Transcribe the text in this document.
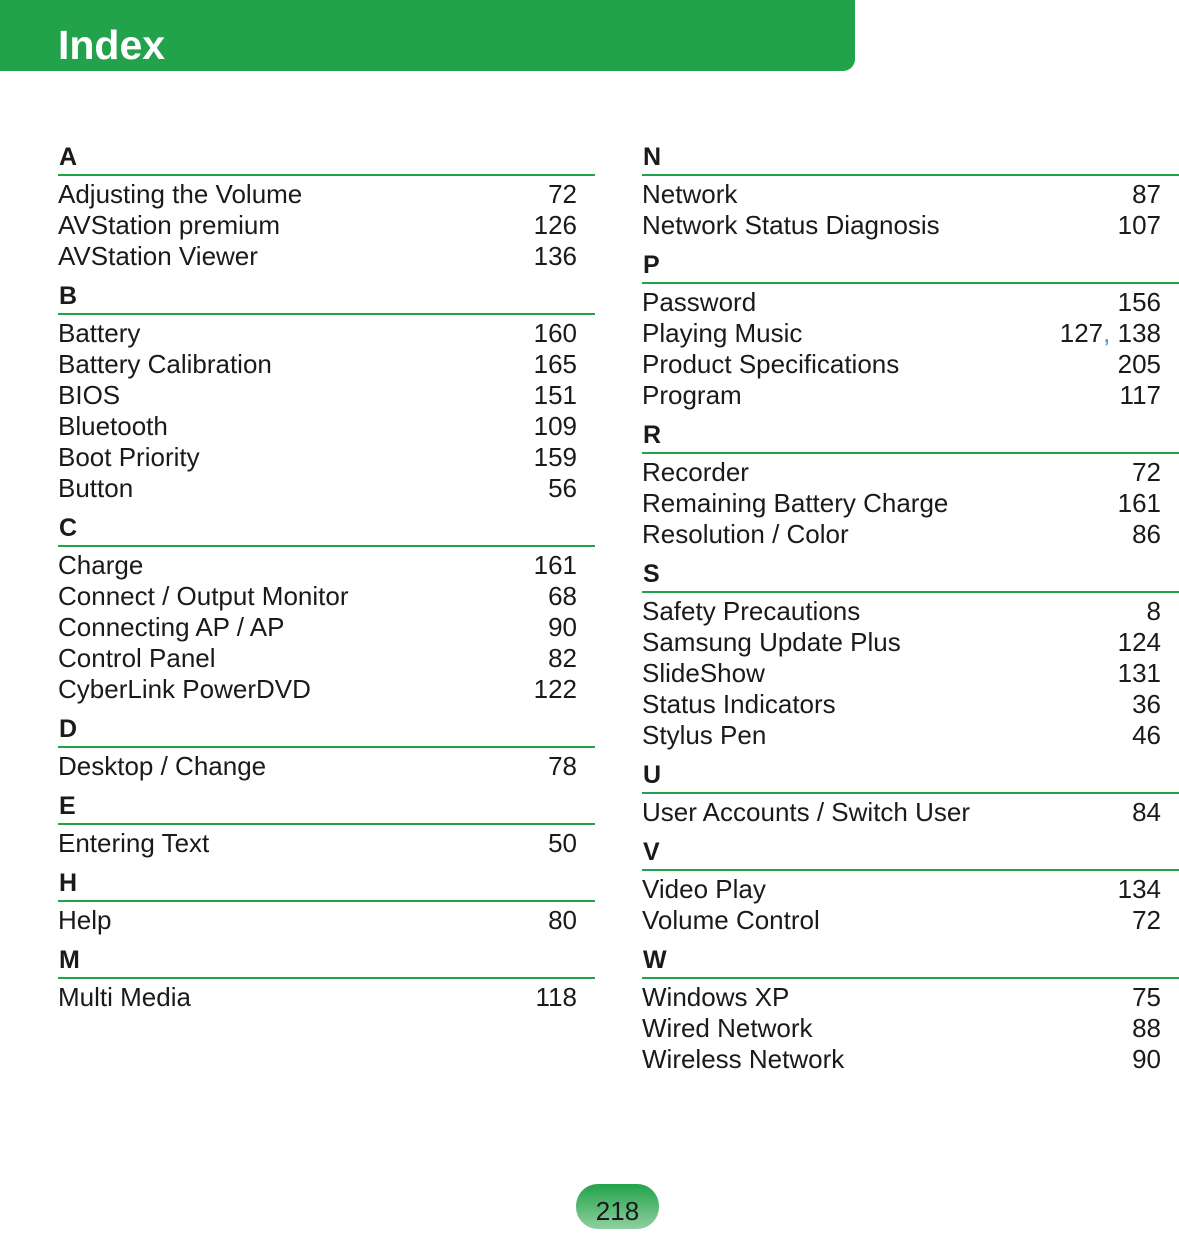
Index
A
Adjusting the Volume	72
AVStation premium	126
AVStation Viewer	136
B
Battery	160
Battery Calibration	165
BIOS	151
Bluetooth	109
Boot Priority	159
Button	56
C
Charge	161
Connect / Output Monitor	68
Connecting AP / AP	90
Control Panel	82
CyberLink PowerDVD	122
D
Desktop / Change	78
E
Entering Text	50
H
Help	80
M
Multi Media	118
N
Network	87
Network Status Diagnosis	107
P
Password	156
Playing Music	127, 138
Product Specifications	205
Program	117
R
Recorder	72
Remaining Battery Charge	161
Resolution / Color	86
S
Safety Precautions	8
Samsung Update Plus	124
SlideShow	131
Status Indicators	36
Stylus Pen	46
U
User Accounts / Switch User	84
V
Video Play	134
Volume Control	72
W
Windows XP	75
Wired Network	88
Wireless Network	90
218
